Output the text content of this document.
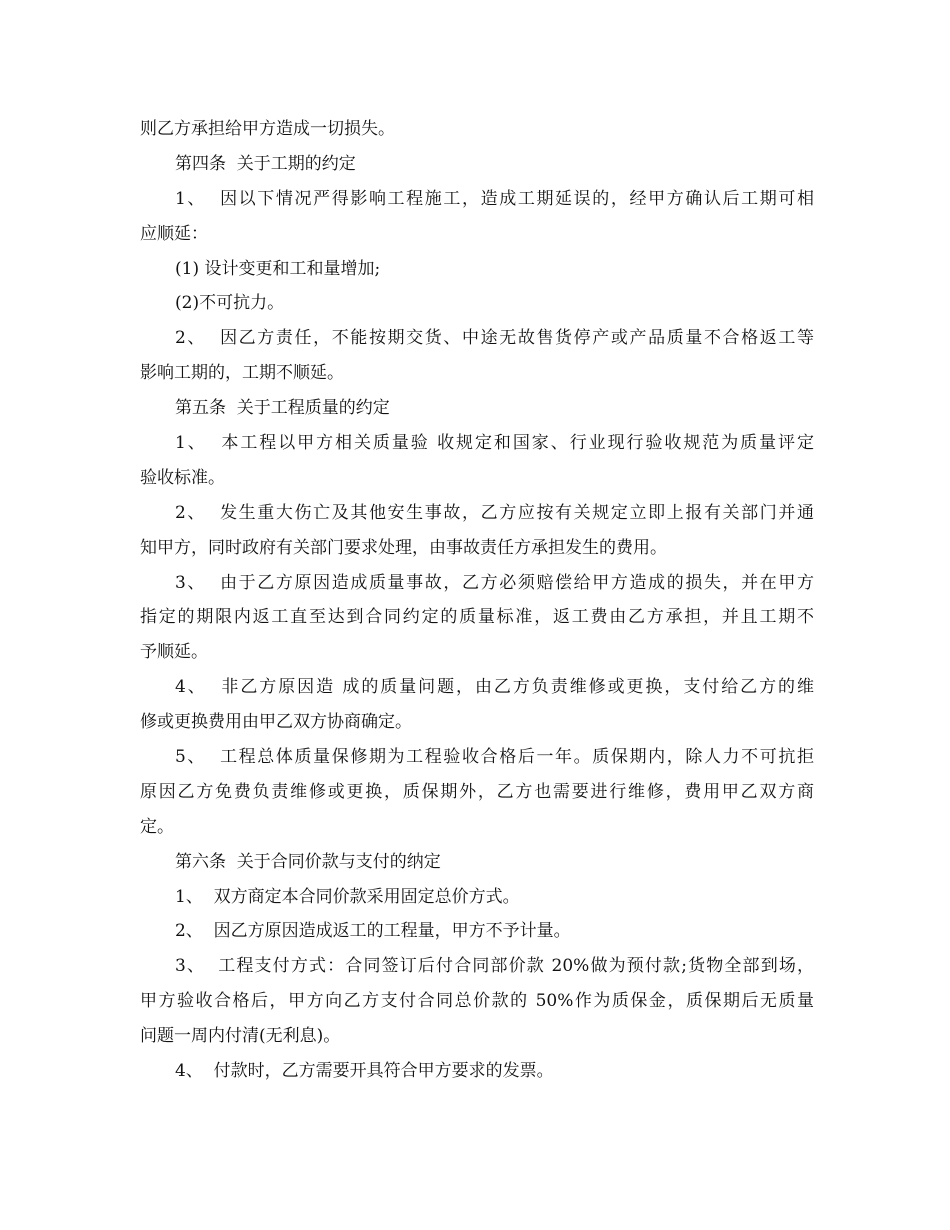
则乙方承担给甲方造成一切损失。
第四条  关于工期的约定
1、  因以下情况严得影响工程施工，造成工期延误的，经甲方确认后工期可相
应顺延：
(1) 设计变更和工和量增加;
(2)不可抗力。
2、  因乙方责任，不能按期交货、中途无故售货停产或产品质量不合格返工等
影响工期的，工期不顺延。
第五条  关于工程质量的约定
1、  本工程以甲方相关质量验 收规定和国家、行业现行验收规范为质量评定
验收标准。
2、  发生重大伤亡及其他安生事故，乙方应按有关规定立即上报有关部门并通
知甲方，同时政府有关部门要求处理，由事故责任方承担发生的费用。
3、  由于乙方原因造成质量事故，乙方必须赔偿给甲方造成的损失，并在甲方
指定的期限内返工直至达到合同约定的质量标准，返工费由乙方承担，并且工期不
予顺延。
4、  非乙方原因造 成的质量问题，由乙方负责维修或更换，支付给乙方的维
修或更换费用由甲乙双方协商确定。
5、  工程总体质量保修期为工程验收合格后一年。质保期内，除人力不可抗拒
原因乙方免费负责维修或更换，质保期外，乙方也需要进行维修，费用甲乙双方商
定。
第六条  关于合同价款与支付的纳定
1、  双方商定本合同价款采用固定总价方式。
2、  因乙方原因造成返工的工程量，甲方不予计量。
3、  工程支付方式：合同签订后付合同部价款 20%做为预付款;货物全部到场，
甲方验收合格后，甲方向乙方支付合同总价款的 50%作为质保金，质保期后无质量
问题一周内付清(无利息)。
4、  付款时，乙方需要开具符合甲方要求的发票。
